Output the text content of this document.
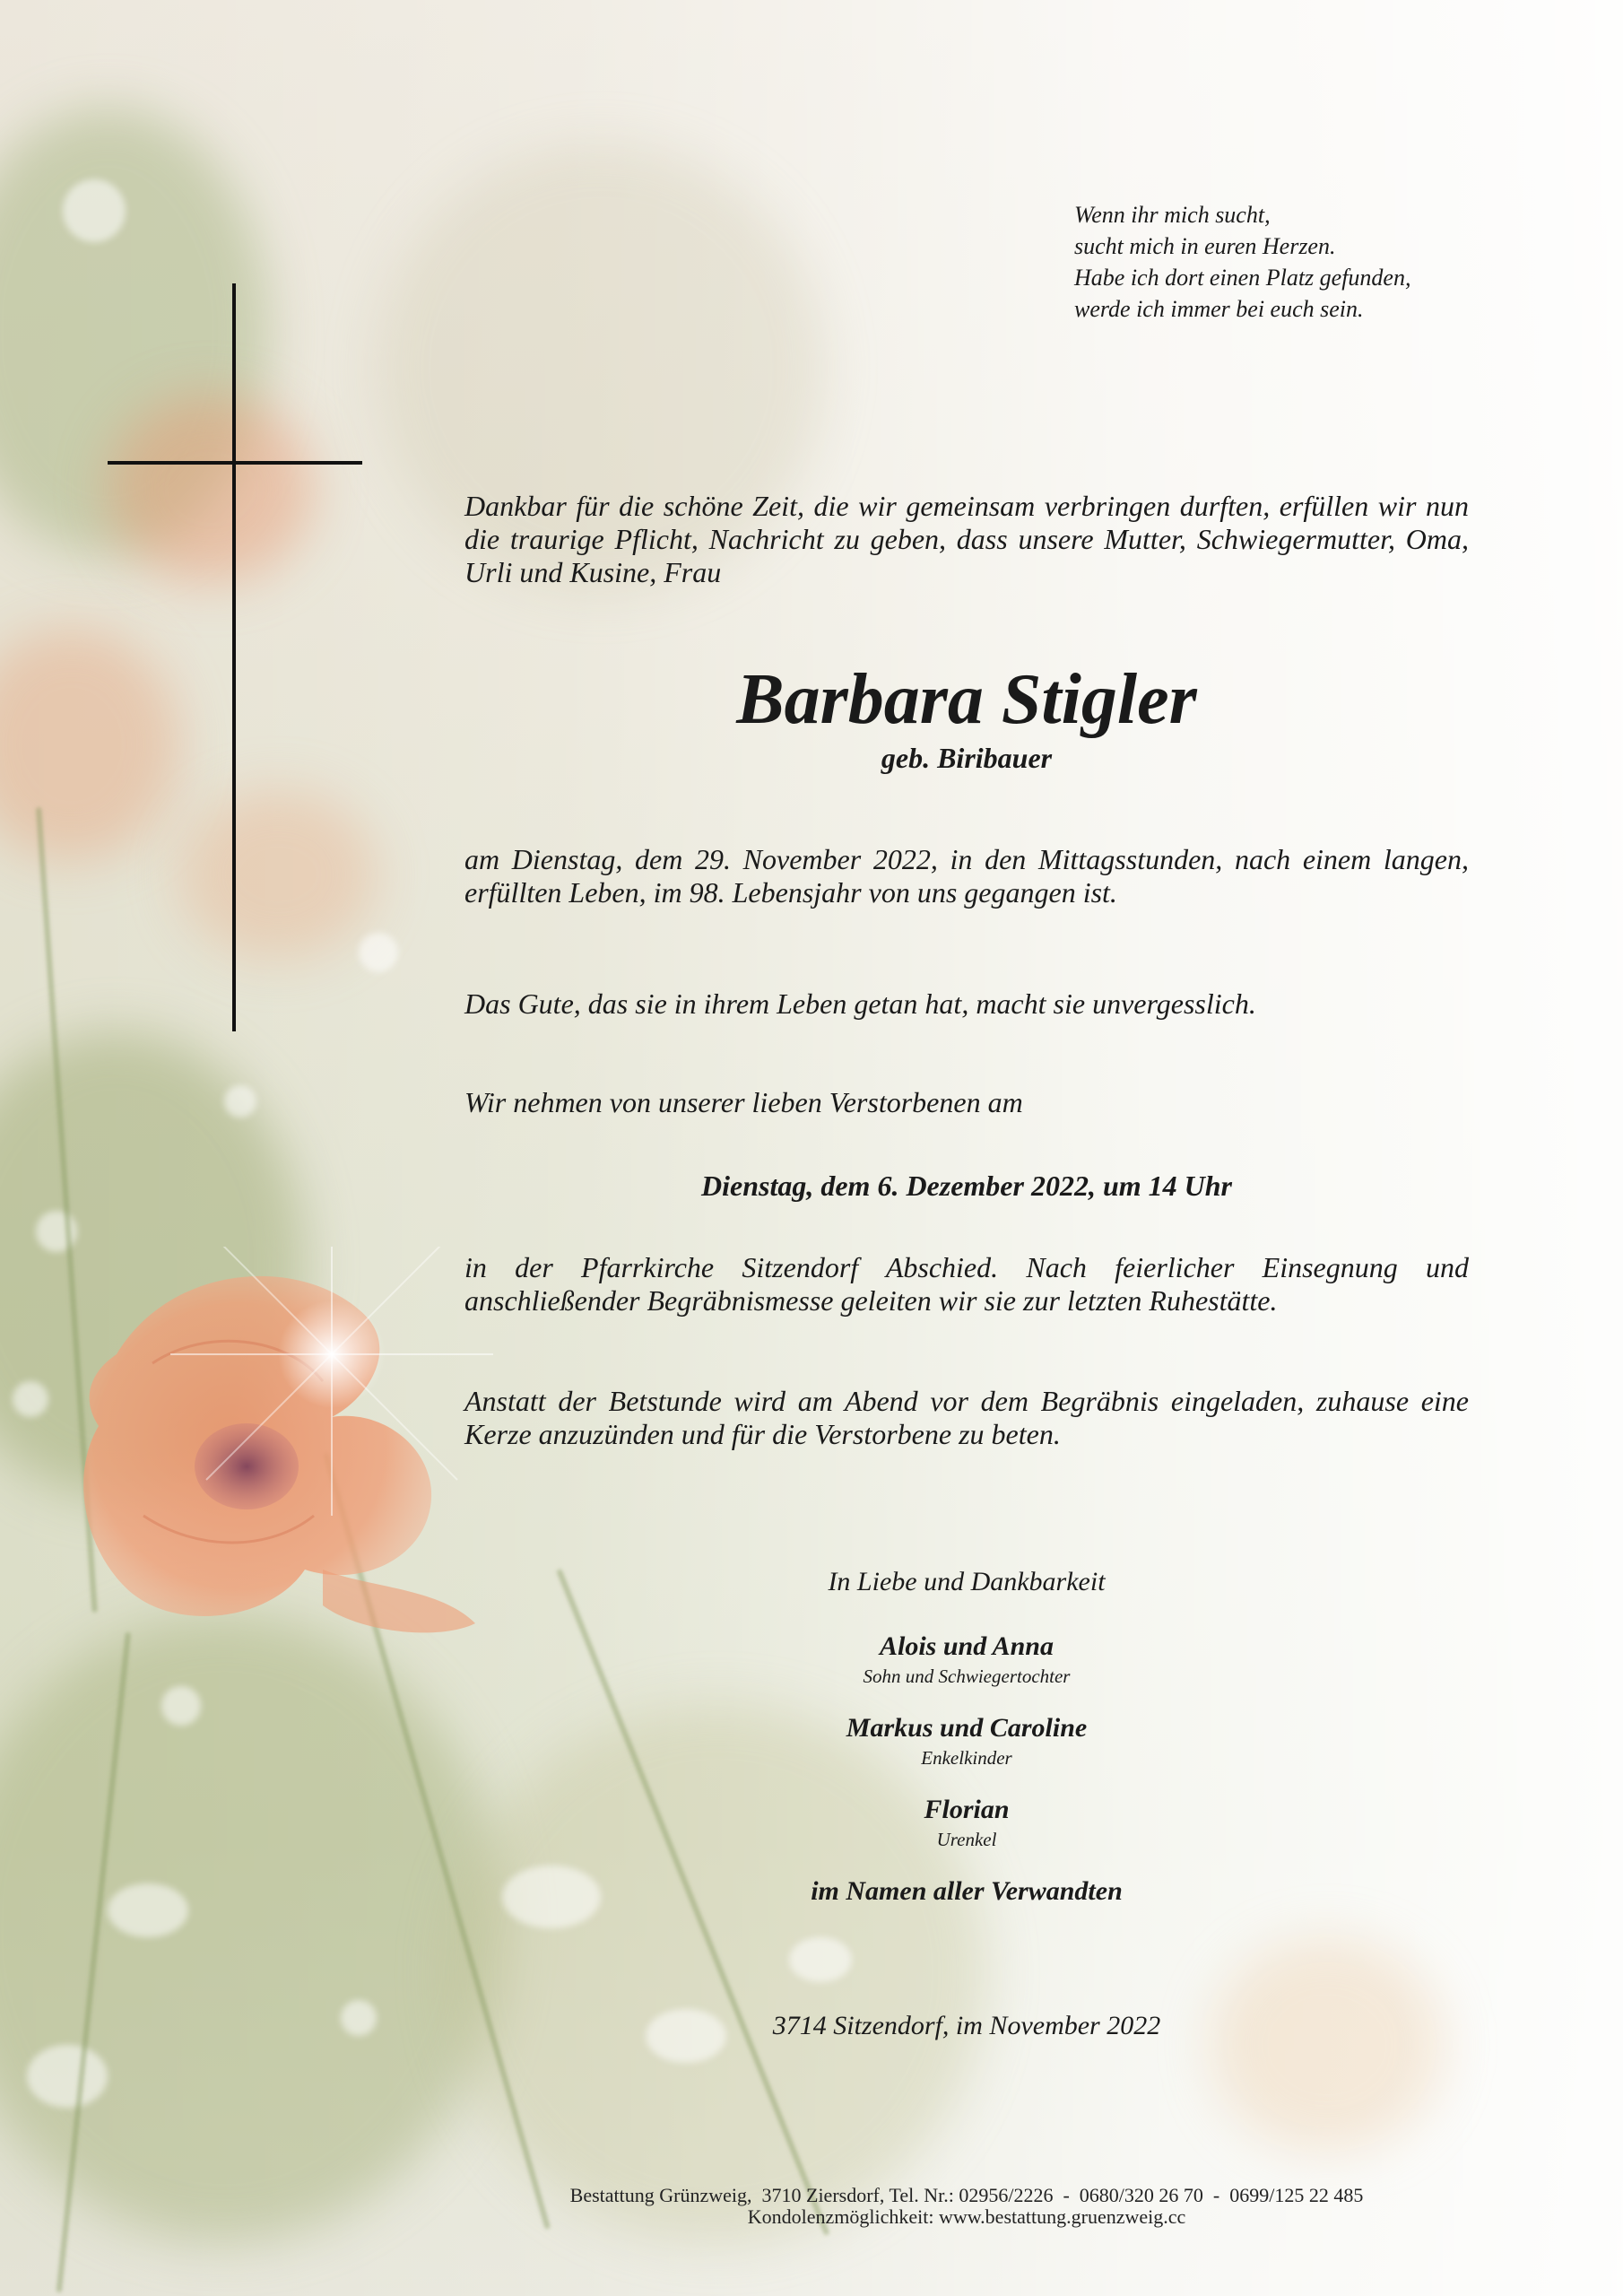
Wenn ihr mich sucht,
sucht mich in euren Herzen.
Habe ich dort einen Platz gefunden,
werde ich immer bei euch sein.
Dankbar für die schöne Zeit, die wir gemeinsam verbringen durften, erfüllen wir nun die traurige Pflicht, Nachricht zu geben, dass unsere Mutter, Schwiegermutter, Oma, Urli und Kusine, Frau
Barbara Stigler
geb. Biribauer
am Dienstag, dem 29. November 2022, in den Mittagsstunden, nach einem langen, erfüllten Leben, im 98. Lebensjahr von uns gegangen ist.
Das Gute, das sie in ihrem Leben getan hat, macht sie unvergesslich.
Wir nehmen von unserer lieben Verstorbenen am
Dienstag, dem 6. Dezember 2022, um 14 Uhr
in der Pfarrkirche Sitzendorf Abschied. Nach feierlicher Einsegnung und anschließender Begräbnismesse geleiten wir sie zur letzten Ruhestätte.
Anstatt der Betstunde wird am Abend vor dem Begräbnis eingeladen, zuhause eine Kerze anzuzünden und für die Verstorbene zu beten.
In Liebe und Dankbarkeit
Alois und Anna
Sohn und Schwiegertochter
Markus und Caroline
Enkelkinder
Florian
Urenkel
im Namen aller Verwandten
3714 Sitzendorf, im November 2022
Bestattung Grünzweig,  3710 Ziersdorf, Tel. Nr.: 02956/2226  -  0680/320 26 70  -  0699/125 22 485
Kondolenzmöglichkeit: www.bestattung.gruenzweig.cc
